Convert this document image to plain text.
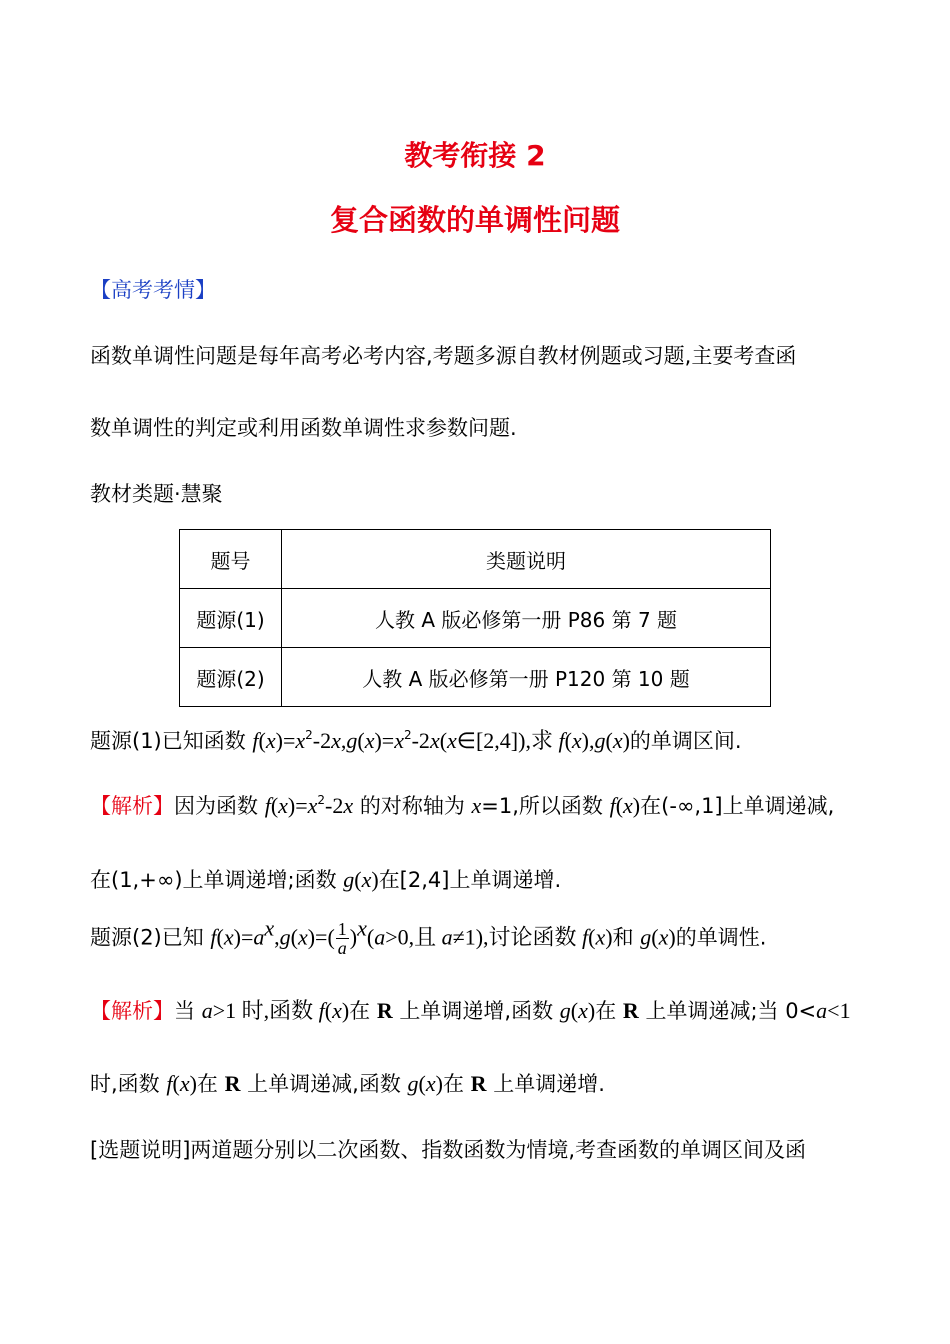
教考衔接 2
复合函数的单调性问题
【高考考情】
函数单调性问题是每年高考必考内容,考题多源自教材例题或习题,主要考查函
数单调性的判定或利用函数单调性求参数问题.
教材类题·慧聚
题号	类题说明
题源(1)	人教 A 版必修第一册 P86 第 7 题
题源(2)	人教 A 版必修第一册 P120 第 10 题
题源(1)已知函数 $f(x)=x^2-2x,g(x)=x^2-2x(x\in[2,4])$,求 f(x),g(x)的单调区间.
【解析】因为函数 $f(x)=x^2-2x$ 的对称轴为 x=1,所以函数 f(x)在(-∞,1]上单调递减,
在(1,+∞)上单调递增;函数 g(x)在[2,4]上单调递增.
题源(2)已知 $f(x)=a^x,g(x)=( \frac{1}{a} )^x(a>0$,且 a≠1),讨论函数 f(x)和 g(x)的单调性.
【解析】当 a>1 时,函数 f(x)在 R 上单调递增,函数 g(x)在 R 上单调递减;当 0<a<1
时,函数 f(x)在 R 上单调递减,函数 g(x)在 R 上单调递增.
[选题说明]两道题分别以二次函数、指数函数为情境,考查函数的单调区间及函
